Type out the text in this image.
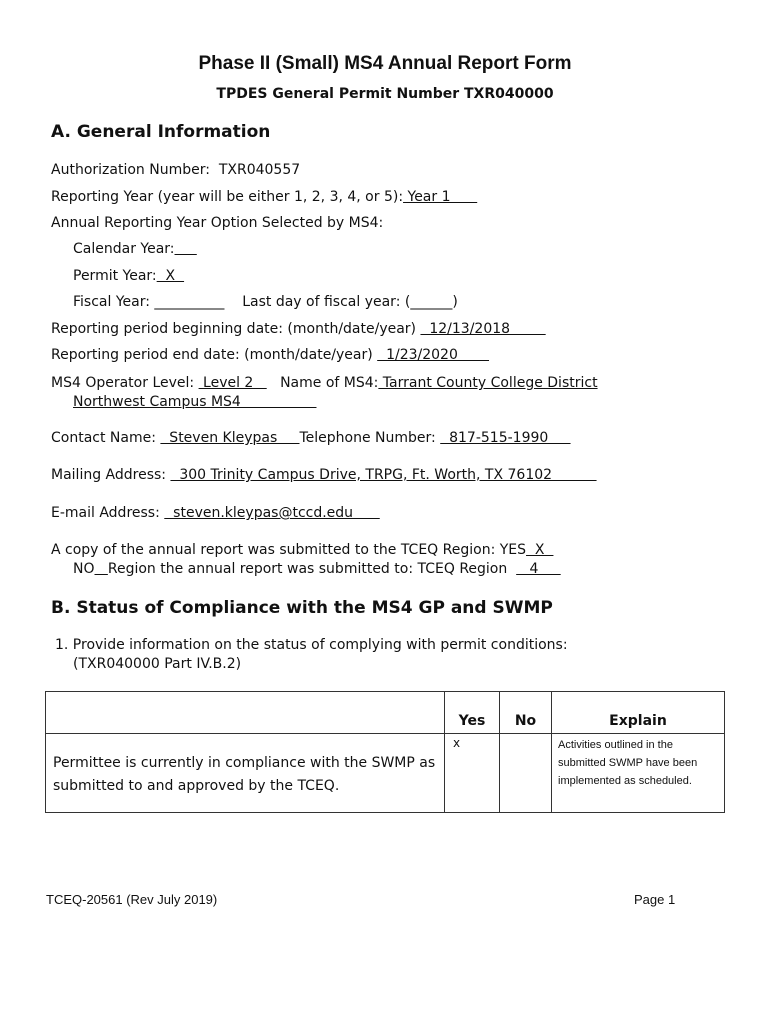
Phase II (Small) MS4 Annual Report Form
TPDES General Permit Number TXR040000
A. General Information
Authorization Number: TXR040557
Reporting Year (year will be either 1, 2, 3, 4, or 5): Year 1
Annual Reporting Year Option Selected by MS4:
Calendar Year:
Permit Year:  X
Fiscal Year: __________ Last day of fiscal year: (______)
Reporting period beginning date: (month/date/year)   12/13/2018
Reporting period end date: (month/date/year)   1/23/2020
MS4 Operator Level:  Level 2      Name of MS4: Tarrant County College District
Northwest Campus MS4
Contact Name:   Steven Kleypas     Telephone Number:   817-515-1990
Mailing Address:   300 Trinity Campus Drive, TRPG, Ft. Worth, TX 76102
E-mail Address:   steven.kleypas@tccd.edu
A copy of the annual report was submitted to the TCEQ Region: YES  X
NO Region the annual report was submitted to: TCEQ Region     4
B. Status of Compliance with the MS4 GP and SWMP
1. Provide information on the status of complying with permit conditions:
(TXR040000 Part IV.B.2)
	Yes	No	Explain
Permittee is currently in compliance with the SWMP as submitted to and approved by the TCEQ.	x		Activities outlined in the submitted SWMP have been implemented as scheduled.
TCEQ-20561 (Rev July 2019)	Page 1
